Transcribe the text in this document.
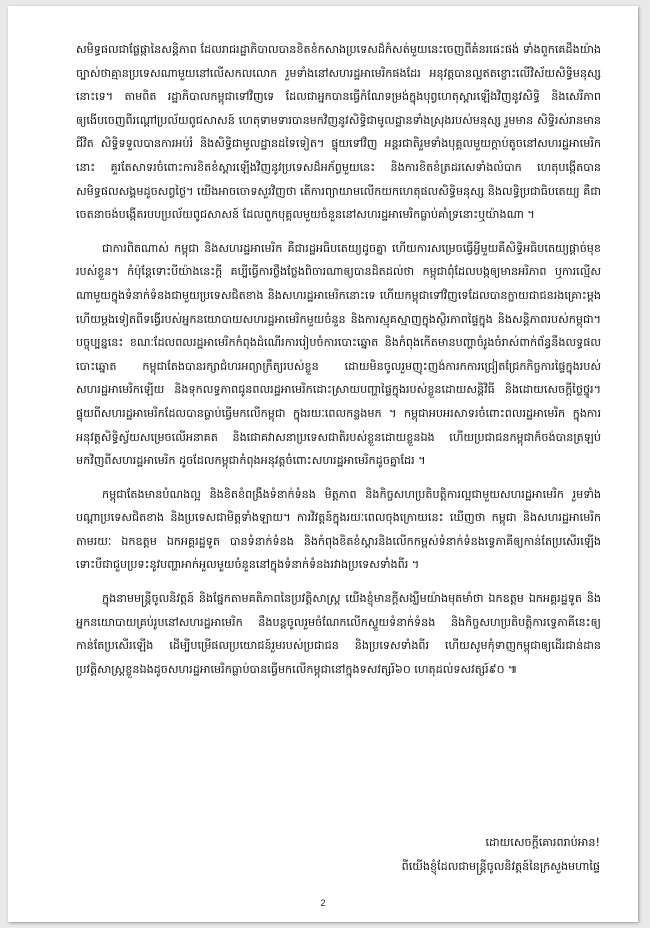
សមិទ្ធផលជាផ្លែផ្កានៃសន្តិភាព ដែលរាជរដ្ឋាភិបាលបានខិតខំកសាងប្រទេសដ៏កំសត់មួយនេះចេញពីគំនរផេះផង់ ទាំងពួកគេដឹងយ៉ាងច្បាស់ថាគ្មានប្រទេសណាមួយនៅលើសកលលោក រួមទាំងនៅសហរដ្ឋអាមេរិកផងដែរ អនុវត្តបានល្អឥតខ្ចោះលើវិស័យសិទ្ធិមនុស្សនោះទេ។ តាមពិត រដ្ឋាភិបាលកម្ពុជាទៅវិញទេ ដែលជាអ្នកបានធ្វើកំណែទម្រង់ក្នុងបុព្វហេតុស្តារឡើងវិញនូវសិទ្ធិ និងសេរីភាព ឲ្យងើបចេញពីរណ្តៅប្រល័យពូជសាសន៍ ហេតុទាមទារបានមកវិញនូវសិទ្ធិជាមូលដ្ឋានទាំងស្រុងរបស់មនុស្ស រួមមាន សិទ្ធិរស់រានមានជីវិត សិទ្ធិទទួលបានការអប់រំ និងសិទ្ធិជាមូលដ្ឋានដទៃទៀត។ ផ្ទុយទៅវិញ អន្តរជាតិរួមទាំងបុគ្គលមួយក្តាប់តូចនៅសហរដ្ឋអាមេរិកនោះ គួរតែសាទរចំពោះការខិតខំស្តារឡើងវិញនូវប្រទេសដ៏អភ័ព្វមួយនេះ និងការខិតខំត្រដរសេទាំងលំបាក ហេតុបង្កើតបានសមិទ្ធផលសង្គមដូចសព្វថ្ងៃ។ យើងអាចចោទសួរវិញថា តើការព្យាយាមលើកយកហេតុផលសិទ្ធិមនុស្ស និងលទ្ធិប្រជាធិបតេយ្យ គឺជាចេតនាចង់បង្កើតរបបប្រល័យពូជសាសន៍ ដែលពួកបុគ្គលមួយចំនួននៅសហរដ្ឋអាមេរិកធ្លាប់គាំទ្រនោះឬយ៉ាងណា ។

ជាការពិតណាស់ កម្ពុជា និងសហរដ្ឋអាមេរិក គឺជារដ្ឋអធិបតេយ្យដូចគ្នា ហើយការសម្រេចធ្វើអ្វីមួយគឺសិទ្ធិអធិបតេយ្យផ្តាច់មុខរបស់ខ្លួន។ កំប៉ុន្តែទោះបីយ៉ាងនេះក្តី គប្បីធ្វើការថ្លឹងថ្លែងពិចារណាឲ្យបានដិតដល់ថា កម្ពុជាពុំដែលបង្កឲ្យមានអរិភាព ឬការល្មើសណាមួយក្នុងទំនាក់ទំនងជាមួយប្រទេសជិតខាង និងសហរដ្ឋអាមេរិកនោះទេ ហើយកម្ពុជាទៅវិញទេដែលបានក្លាយជាជនរងគ្រោះម្តងហើយម្តងទៀតពីទង្វើរបស់អ្នកនយោបាយសហរដ្ឋអាមេរិកមួយចំនួន និងការស្មុគស្មាញក្នុងស្ថិរភាពផ្ទៃក្នុង និងសន្តិភាពរបស់កម្ពុជា។ បច្ចុប្បន្ននេះ ខណៈដែលពលរដ្ឋអាមេរិកកំពុងដំណើរការរៀបចំការបោះឆ្នោត និងកំពុងកើតមានបញ្ហាចំរូងចំរាស់ពាក់ព័ន្ធនឹងលទ្ធផលបោះឆ្នោត កម្ពុជាតែងបានរក្សាជំហរអព្យាក្រឹត្យរបស់ខ្លួន ដោយមិនចូលរួមញុះញង់ការកការជ្រៀតជ្រែកកិច្ចការផ្ទៃក្នុងរបស់សហរដ្ឋអាមេរិកឡើយ និងទុកលទ្ធភាពជូនពលរដ្ឋអាមេរិកដោះស្រាយបញ្ហាផ្ទៃក្នុងរបស់ខ្លួនដោយសន្តិវិធី និងដោយសេចក្តីថ្លៃថ្នូរ។ ផ្ទុយពីសហរដ្ឋអាមេរិកដែលបានធ្លាប់ធ្វើមកលើកម្ពុជា ក្នុងរយៈពេលកន្លងមក ។ កម្ពុជាអបអរសាទរចំពោះពលរដ្ឋអាមេរិក ក្នុងការអនុវត្តសិទ្ធិស្វ័យសម្រេចលើអនាគត និងជោគវាសនាប្រទេសជាតិរបស់ខ្លួនដោយខ្លួនឯង ហើយប្រជាជនកម្ពុជាក៏ចង់បានត្រឡប់មកវិញពីសហរដ្ឋអាមេរិក ដូចដែលកម្ពុជាកំពុងអនុវត្តចំពោះសហរដ្ឋអាមេរិកដូចគ្នាដែរ ។

កម្ពុជាតែងមានបំណងល្អ និងខិតខំពង្រឹងទំនាក់ទំនង មិត្តភាព និងកិច្ចសហប្រតិបត្តិការល្អជាមួយសហរដ្ឋអាមេរិក រួមទាំងបណ្តាប្រទេសជិតខាង និងប្រទេសជាមិត្តទាំងឡាយ។ ការវិវត្តន៍ក្នុងរយៈពេលចុងក្រោយនេះ ឃើញថា កម្ពុជា និងសហរដ្ឋអាមេរិក តាមរយៈ ឯកឧត្តម ឯកអគ្គរដ្ឋទូត បានទំនាក់ទំនង និងកំពុងខិតខំស្តារនិងលើកកម្ពស់ទំនាក់ទំនងទ្វេភាគីឲ្យកាន់តែប្រសើរឡើង ទោះបីជាជួបប្រទះនូវបញ្ហាអាក់អួលមួយចំនួននៅក្នុងទំនាក់ទំនងរវាងប្រទេសទាំងពីរ ។

ក្នុងនាមមន្ត្រីចូលនិវត្តន៍ និងផ្នែកតាមគតិភាពនៃប្រវត្តិសាស្ត្រ យើងខ្ញុំមានក្តីសង្ឃឹមយ៉ាងមុតមាំថា ឯកឧត្តម ឯកអគ្គរដ្ឋទូត និងអ្នកនយោបាយគ្រប់រូបនៅសហរដ្ឋអាមេរិក នឹងបន្តចូលរួមចំណែកលើកស្ទួយទំនាក់ទំនង និងកិច្ចសហប្រតិបត្តិការទ្វេភាគីនេះឲ្យកាន់តែប្រសើរឡើង ដើម្បីបម្រើផលប្រយោជន៍រួមរបស់ប្រជាជន និងប្រទេសទាំងពីរ ហើយសូមកុំទាញកម្ពុជាឲ្យដើរជាន់ដានប្រវត្តិសាស្ត្រខ្លួនឯងដូចសហរដ្ឋអាមេរិកធ្លាប់បានធ្វើមកលើកម្ពុជានៅក្នុងទសវត្សរ៍៦០ ហេតុដល់ទសវត្សរ៍៩០ ៕

ដោយសេចក្តីគោរពរាប់អាន!
ពីយើងខ្ញុំដែលជាមន្ត្រីចូលនិវត្តន៍នៃក្រសួងមហាផ្ទៃ
2
